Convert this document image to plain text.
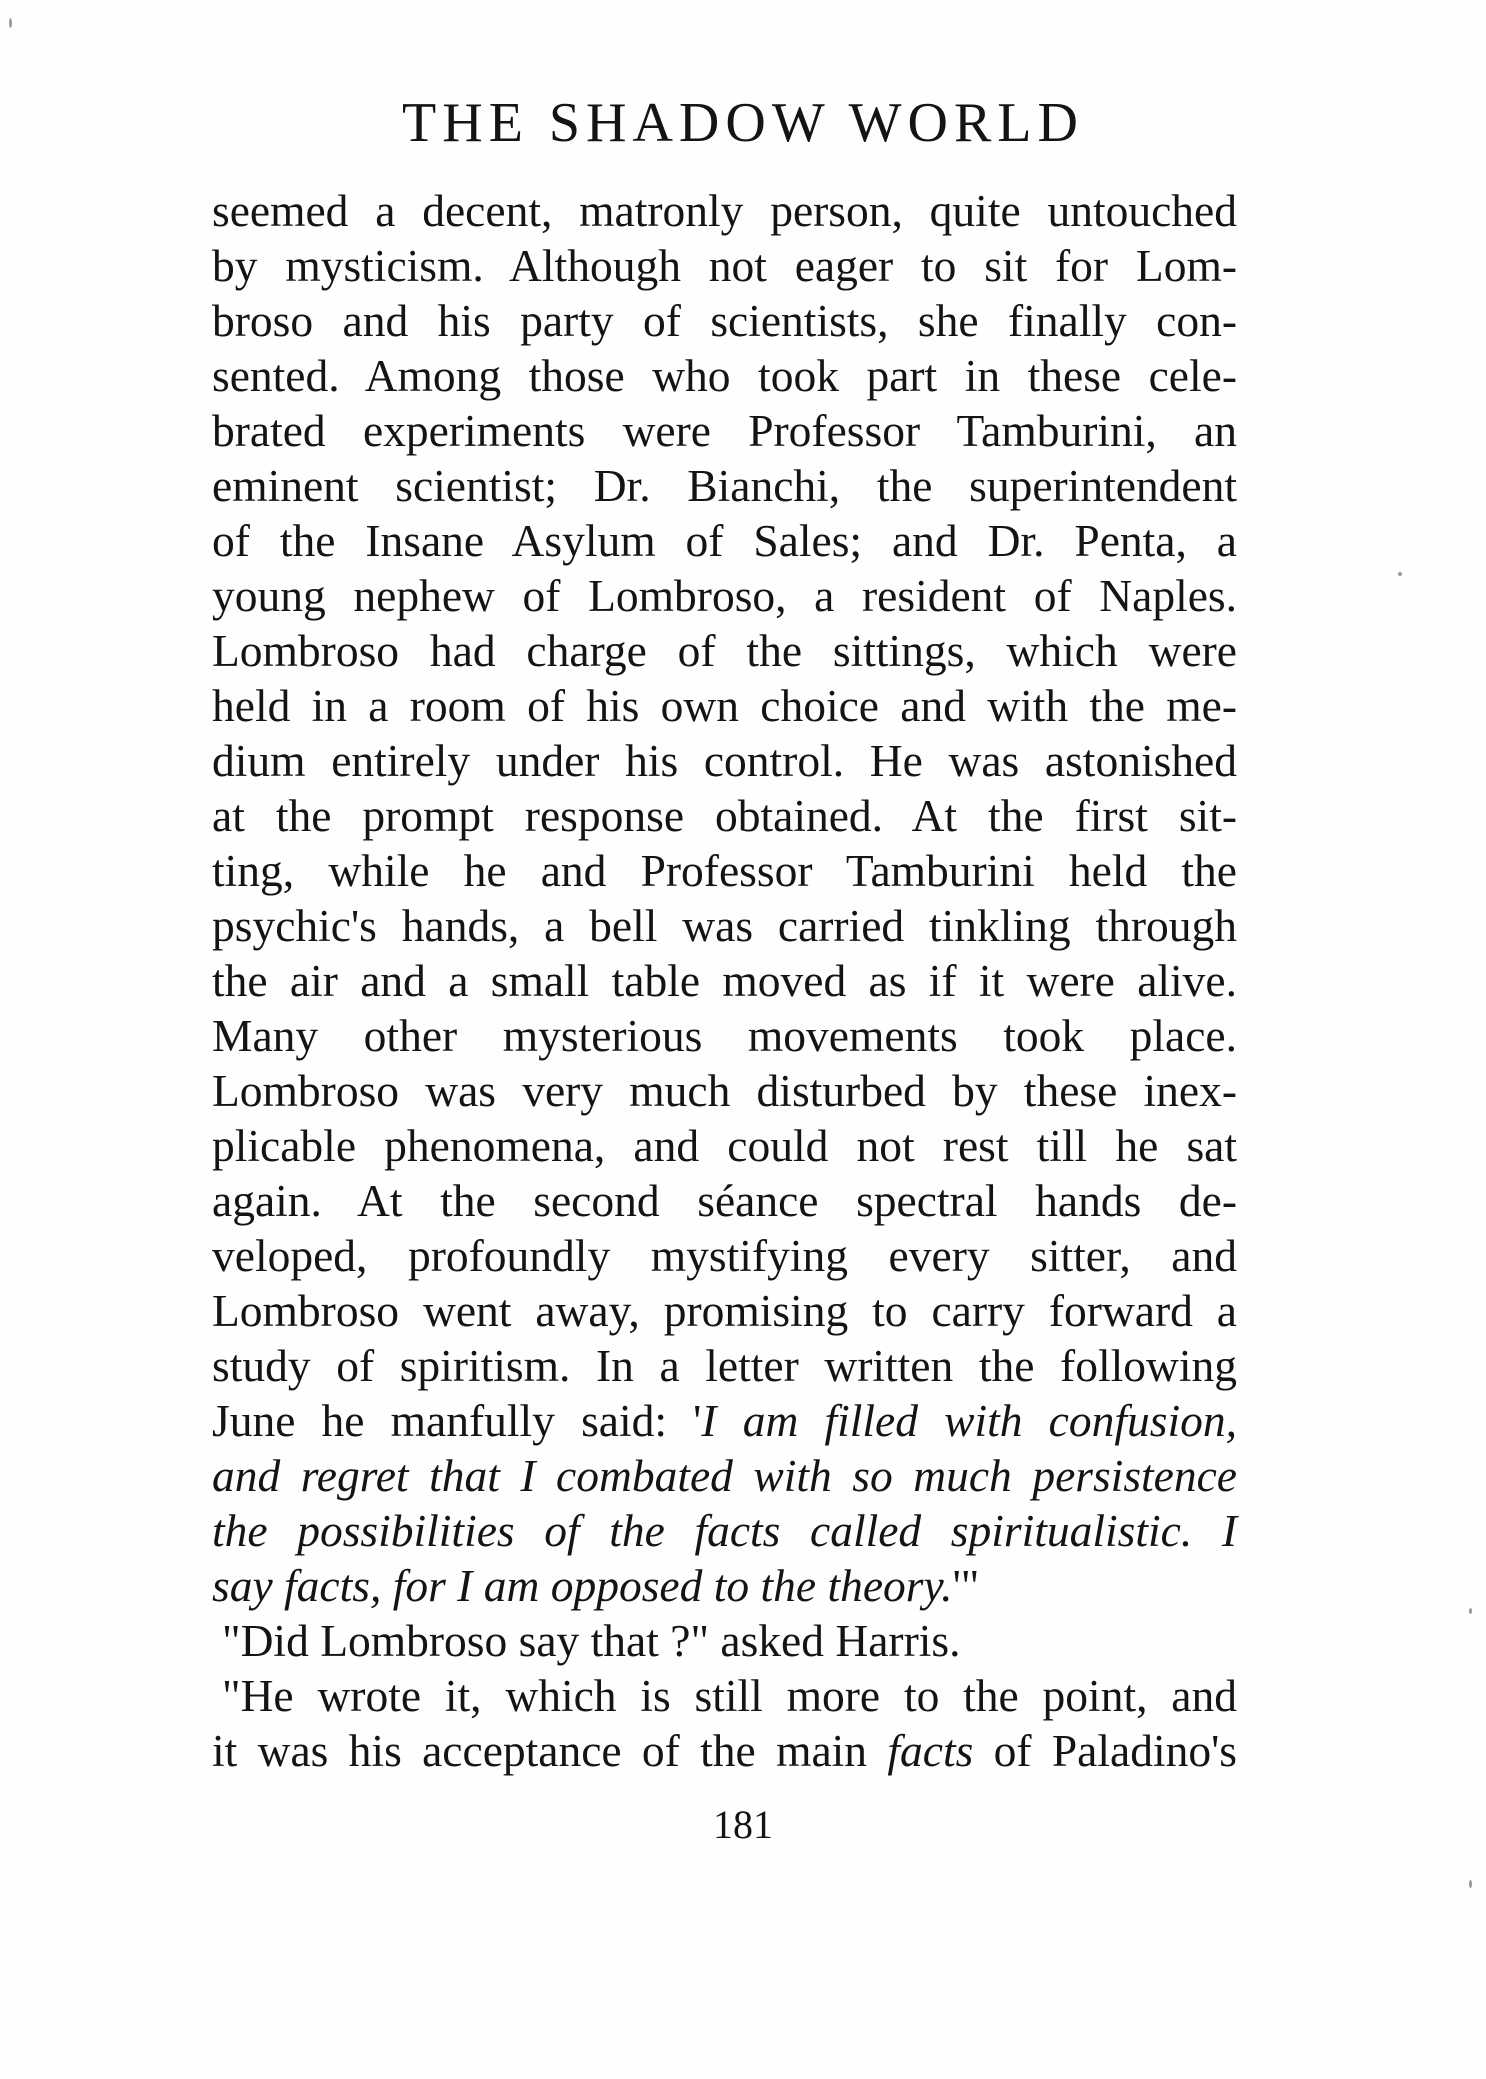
THE SHADOW WORLD
seemed a decent, matronly person, quite untouched
by mysticism. Although not eager to sit for Lom-
broso and his party of scientists, she finally con-
sented. Among those who took part in these cele-
brated experiments were Professor Tamburini, an
eminent scientist; Dr. Bianchi, the superintendent
of the Insane Asylum of Sales; and Dr. Penta, a
young nephew of Lombroso, a resident of Naples.
Lombroso had charge of the sittings, which were
held in a room of his own choice and with the me-
dium entirely under his control. He was astonished
at the prompt response obtained. At the first sit-
ting, while he and Professor Tamburini held the
psychic's hands, a bell was carried tinkling through
the air and a small table moved as if it were alive.
Many other mysterious movements took place.
Lombroso was very much disturbed by these inex-
plicable phenomena, and could not rest till he sat
again. At the second séance spectral hands de-
veloped, profoundly mystifying every sitter, and
Lombroso went away, promising to carry forward a
study of spiritism. In a letter written the following
June he manfully said: 'I am filled with confusion,
and regret that I combated with so much persistence
the possibilities of the facts called spiritualistic. I
say facts, for I am opposed to the theory.'"
"Did Lombroso say that ?" asked Harris.
"He wrote it, which is still more to the point, and
it was his acceptance of the main facts of Paladino's
181
